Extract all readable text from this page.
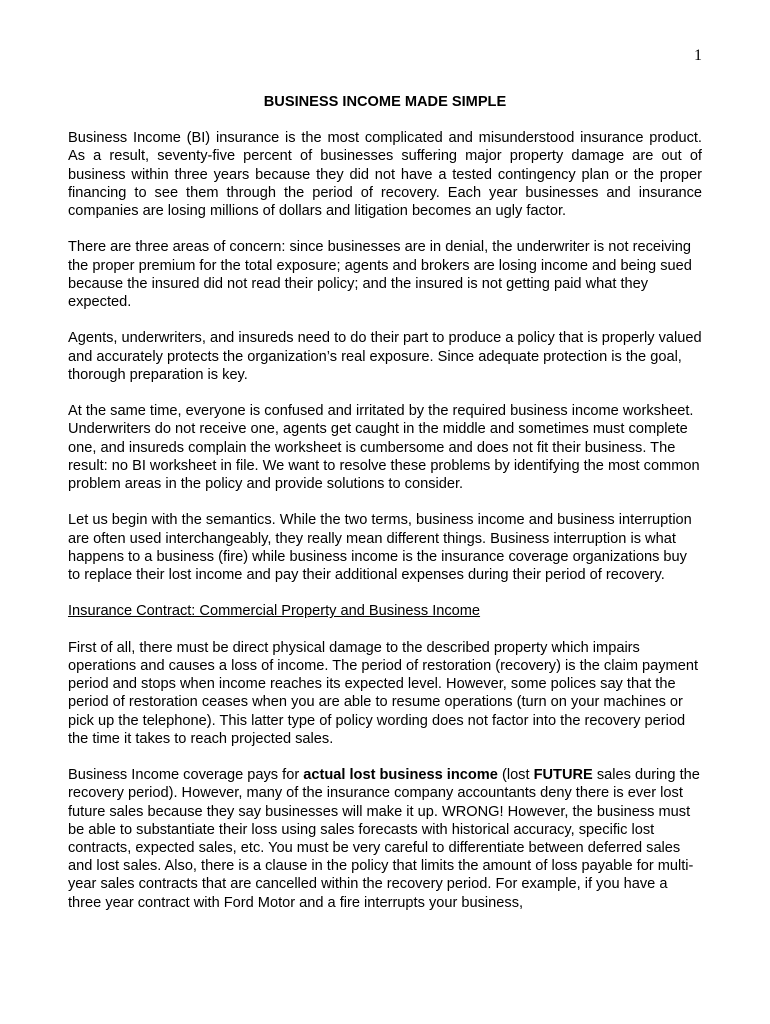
1
BUSINESS INCOME MADE SIMPLE

Business Income (BI) insurance is the most complicated and misunderstood insurance product. As a result, seventy-five percent of businesses suffering major property damage are out of business within three years because they did not have a tested contingency plan or the proper financing to see them through the period of recovery. Each year businesses and insurance companies are losing millions of dollars and litigation becomes an ugly factor.

There are three areas of concern: since businesses are in denial, the underwriter is not receiving the proper premium for the total exposure; agents and brokers are losing income and being sued because the insured did not read their policy; and the insured is not getting paid what they expected.

Agents, underwriters, and insureds need to do their part to produce a policy that is properly valued and accurately protects the organization’s real exposure. Since adequate protection is the goal, thorough preparation is key.

At the same time, everyone is confused and irritated by the required business income worksheet. Underwriters do not receive one, agents get caught in the middle and sometimes must complete one, and insureds complain the worksheet is cumbersome and does not fit their business. The result: no BI worksheet in file. We want to resolve these problems by identifying the most common problem areas in the policy and provide solutions to consider.

Let us begin with the semantics. While the two terms, business income and business interruption are often used interchangeably, they really mean different things. Business interruption is what happens to a business (fire) while business income is the insurance coverage organizations buy to replace their lost income and pay their additional expenses during their period of recovery.

Insurance Contract: Commercial Property and Business Income

First of all, there must be direct physical damage to the described property which impairs operations and causes a loss of income. The period of restoration (recovery) is the claim payment period and stops when income reaches its expected level. However, some polices say that the period of restoration ceases when you are able to resume operations (turn on your machines or pick up the telephone). This latter type of policy wording does not factor into the recovery period the time it takes to reach projected sales.

Business Income coverage pays for actual lost business income (lost FUTURE sales during the recovery period). However, many of the insurance company accountants deny there is ever lost future sales because they say businesses will make it up. WRONG! However, the business must be able to substantiate their loss using sales forecasts with historical accuracy, specific lost contracts, expected sales, etc. You must be very careful to differentiate between deferred sales and lost sales. Also, there is a clause in the policy that limits the amount of loss payable for multi-year sales contracts that are cancelled within the recovery period. For example, if you have a three year contract with Ford Motor and a fire interrupts your business,
